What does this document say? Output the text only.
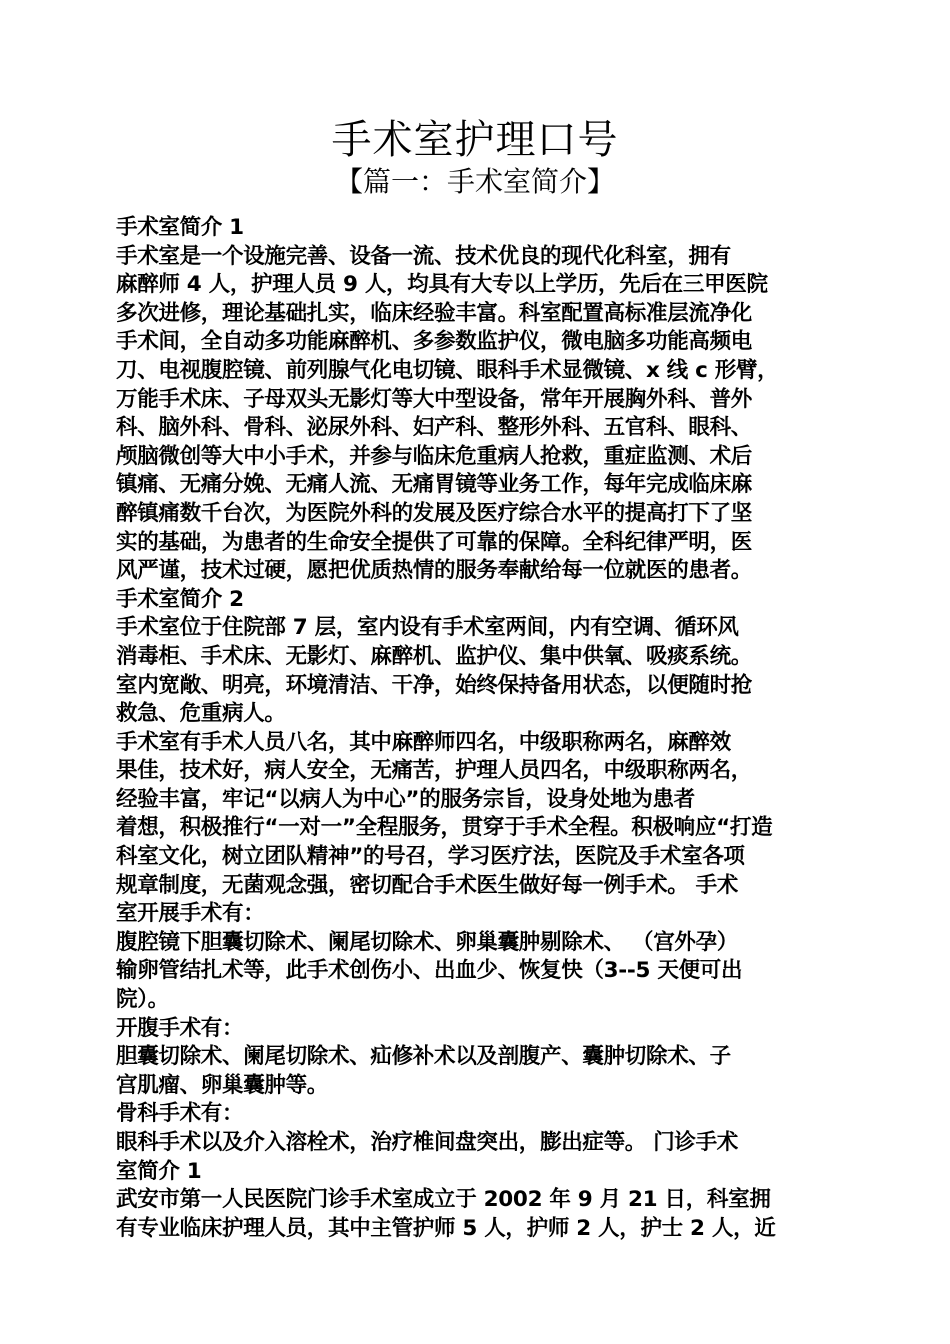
手术室护理口号
【篇一：手术室简介】
手术室简介 1
手术室是一个设施完善、设备一流、技术优良的现代化科室，拥有
麻醉师 4 人，护理人员 9 人，均具有大专以上学历，先后在三甲医院
多次进修，理论基础扎实，临床经验丰富。科室配置高标准层流净化
手术间，全自动多功能麻醉机、多参数监护仪，微电脑多功能高频电
刀、电视腹腔镜、前列腺气化电切镜、眼科手术显微镜、x 线 c 形臂，
万能手术床、子母双头无影灯等大中型设备，常年开展胸外科、普外
科、脑外科、骨科、泌尿外科、妇产科、整形外科、五官科、眼科、
颅脑微创等大中小手术，并参与临床危重病人抢救，重症监测、术后
镇痛、无痛分娩、无痛人流、无痛胃镜等业务工作，每年完成临床麻
醉镇痛数千台次，为医院外科的发展及医疗综合水平的提高打下了坚
实的基础，为患者的生命安全提供了可靠的保障。全科纪律严明，医
风严谨，技术过硬，愿把优质热情的服务奉献给每一位就医的患者。
手术室简介 2
手术室位于住院部 7 层，室内设有手术室两间，内有空调、循环风
消毒柜、手术床、无影灯、麻醉机、监护仪、集中供氧、吸痰系统。
室内宽敞、明亮，环境清洁、干净，始终保持备用状态，以便随时抢
救急、危重病人。
手术室有手术人员八名，其中麻醉师四名，中级职称两名，麻醉效
果佳，技术好，病人安全，无痛苦，护理人员四名，中级职称两名，
经验丰富，牢记“以病人为中心”的服务宗旨，设身处地为患者
着想，积极推行“一对一”全程服务，贯穿于手术全程。积极响应“打造
科室文化，树立团队精神”的号召，学习医疗法，医院及手术室各项
规章制度，无菌观念强，密切配合手术医生做好每一例手术。 手术
室开展手术有：
腹腔镜下胆囊切除术、阑尾切除术、卵巢囊肿剔除术、 （宫外孕）
输卵管结扎术等，此手术创伤小、出血少、恢复快（3--5 天便可出
院）。
开腹手术有：
胆囊切除术、阑尾切除术、疝修补术以及剖腹产、囊肿切除术、子
宫肌瘤、卵巢囊肿等。
骨科手术有：
眼科手术以及介入溶栓术，治疗椎间盘突出，膨出症等。 门诊手术
室简介 1
武安市第一人民医院门诊手术室成立于 2002 年 9 月 21 日，科室拥
有专业临床护理人员，其中主管护师 5 人，护师 2 人，护士 2 人，近
